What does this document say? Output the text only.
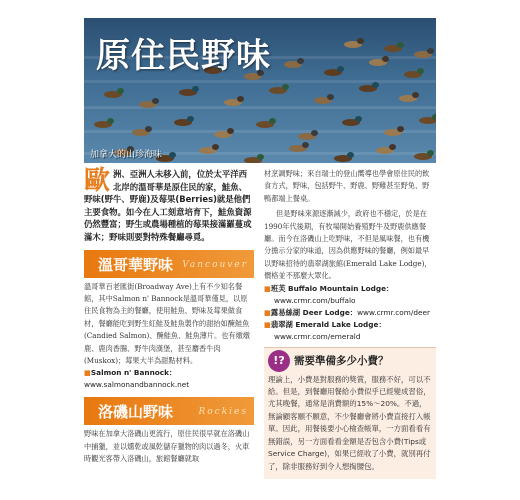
原住民野味
加拿大的山珍海味
歐 洲、亞洲人未移入前，位於太平洋西北岸的溫哥華是原住民的家，鮭魚、野味(野牛、野鹿)及莓果(Berries)就是他們主要食物。如今在人工刻意培育下，鮭魚資源仍然豐富；野生或農場種植的莓果接滿羅蔓或滿木；野味則要對特殊餐廳尋覓。
溫哥華野味 Vancouver
溫哥華百老匯街(Broadway Ave)上有不少知名餐館，其中Salmon n' Bannock是溫哥華僅見，以原住民食物為主的餐廳，使用鮭魚、野味及莓果做食材，餐廳能吃到野生紅鮭及鮭魚製作的甜抬如醃鮭魚(Candied Salmon)、醃鮭魚、鮭魚薄片。也有燉燉鹿、鹿肉香腸、野牛肉漢堡，甚至麝香牛肉(Muskox)；莓果大半為甜點材料。
■Salmon n' Bannock：www.salmonandbannock.net
洛磯山野味	Rockies
野味在加拿大洛磯山更流行，原住民很早就在洛磯山中捕獵，並以燻乾或風乾儲存獵物的肉以過冬，火車時觀光客帶入洛磯山，旅館餐廳就取
材烹調野味；來自瑞士的登山嚮導也學會原住民的飲食方式，野味，包括野牛、野鹿、野雞甚至野兔、野鴨都端上餐桌。
但是野味來源逐漸減少，政府也不穩定，於是在1990年代後期，有牧場開始養殖野牛及野鹿供應餐廳。而今在洛磯山上吃野味，不但是風味餐，也有機分擔示分家的味道，因為供應野味的餐廳，例如最早以野味招待的翡翠湖旅館(Emerald Lake Lodge)，價格並不那麼大眾化。
■班芙 Buffalo Mountain Lodge：
www.crmr.com/buffalo
■露易絲湖 Deer Lodge：www.crmr.com/deer
■翡翠湖 Emerald Lake Lodge：
www.crmr.com/emerald
!? 需要準備多少小費？
理論上，小費是對服務的獎賞，服務不好，可以不給。但是，到餐廳用餐給小費似乎已經變成習俗，尤其晚餐，通常是消費額的15%～20%。不過，無論顧客願不願意，不少餐廳會將小費直接打入帳單。因此，用餐後要小心檢查帳單，一方面看看有無錯誤，另一方面看看金額是否包含小費(Tips或Service Charge)，如果已經收了小費，就別再付了，除非服務好到令人想掏腰包。
